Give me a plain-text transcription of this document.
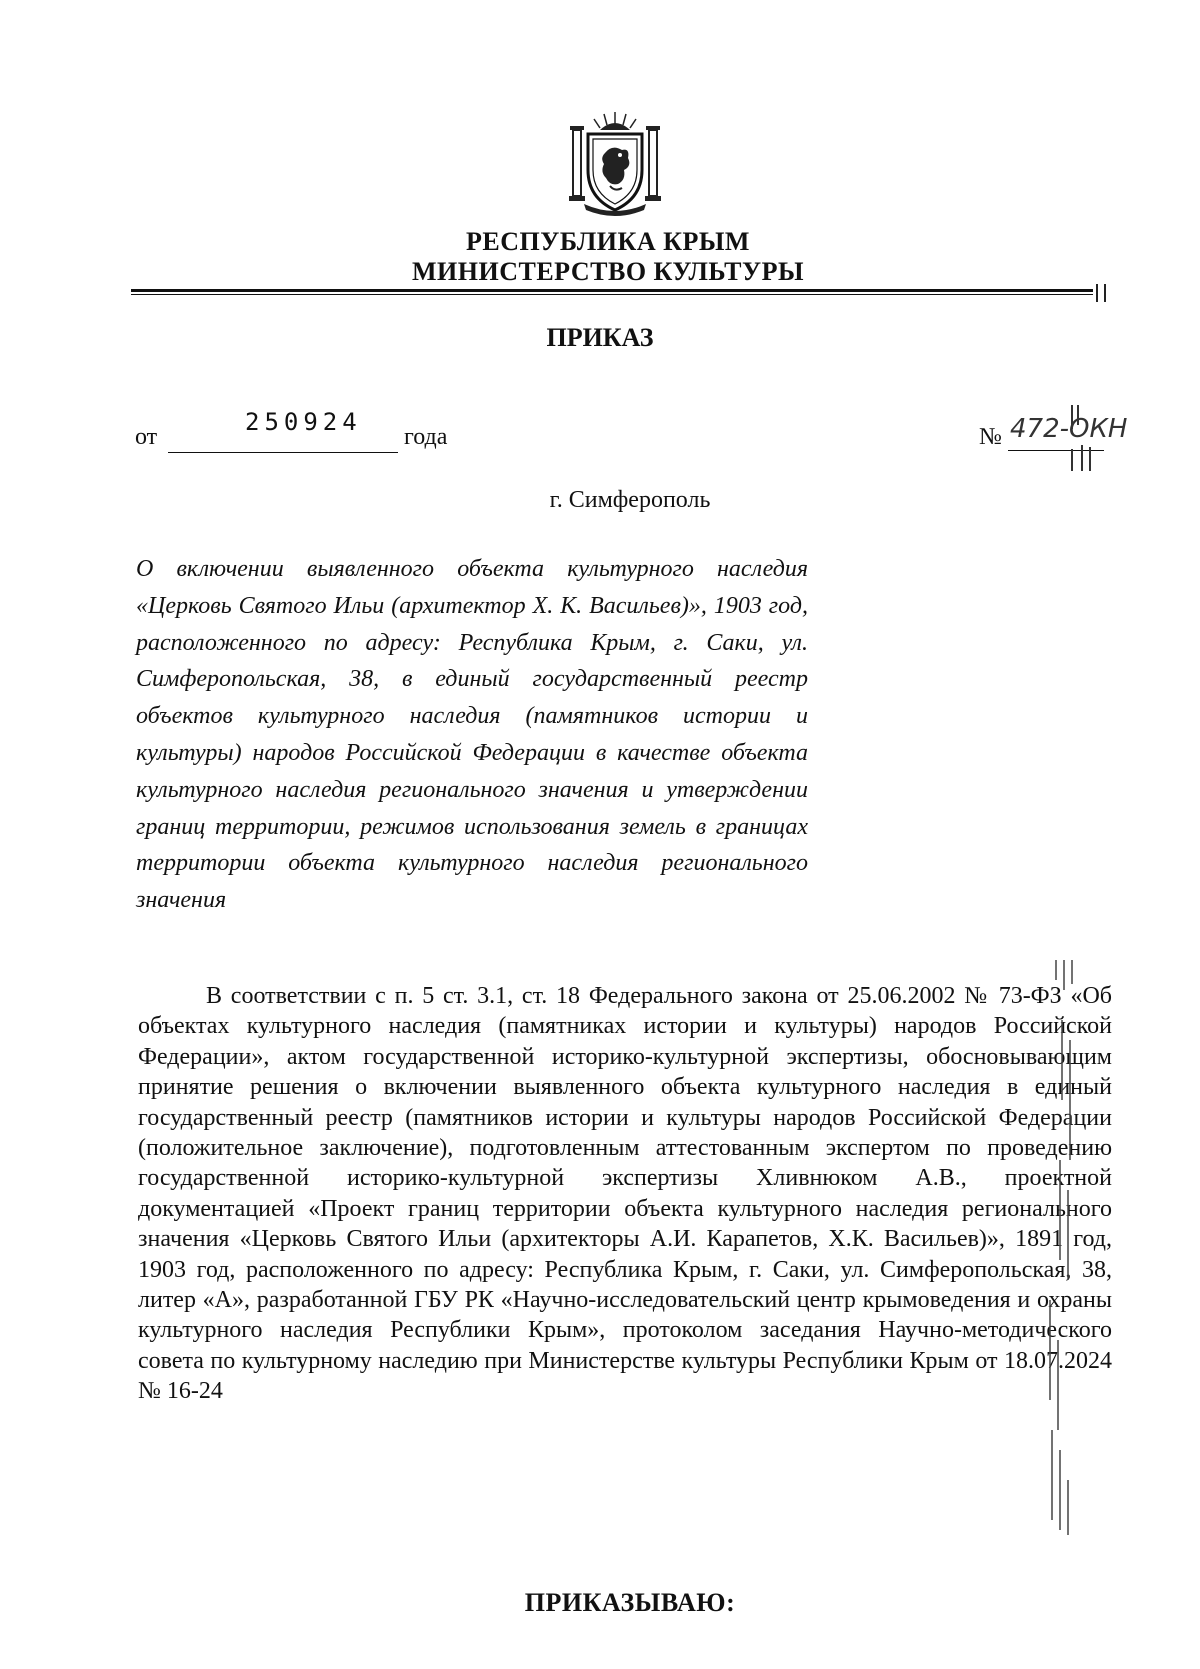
РЕСПУБЛИКА КРЫМ
МИНИСТЕРСТВО КУЛЬТУРЫ
ПРИКАЗ
от
250924
года	№ 472-ОКН
г. Симферополь

О включении выявленного объекта культурного наследия «Церковь Святого Ильи (архитектор Х. К. Васильев)», 1903 год, расположенного по адресу: Республика Крым, г. Саки, ул. Симферопольская, 38, в единый государственный реестр объектов культурного наследия (памятников истории и культуры) народов Российской Федерации в качестве объекта культурного наследия регионального значения и утверждении границ территории, режимов использования земель в границах территории объекта культурного наследия регионального значения

В соответствии с п. 5 ст. 3.1, ст. 18 Федерального закона от 25.06.2002 № 73-ФЗ «Об объектах культурного наследия (памятниках истории и культуры) народов Российской Федерации», актом государственной историко-культурной экспертизы, обосновывающим принятие решения о включении выявленного объекта культурного наследия в единый государственный реестр (памятников истории и культуры народов Российской Федерации (положительное заключение), подготовленным аттестованным экспертом по проведению государственной историко-культурной экспертизы Хливнюком А.В., проектной документацией «Проект границ территории объекта культурного наследия регионального значения «Церковь Святого Ильи (архитекторы А.И. Карапетов, Х.К. Васильев)», 1891 год, 1903 год, расположенного по адресу: Республика Крым, г. Саки, ул. Симферопольская, 38, литер «А», разработанной ГБУ РК «Научно-исследовательский центр крымоведения и охраны культурного наследия Республики Крым», протоколом заседания Научно-методического совета по культурному наследию при Министерстве культуры Республики Крым от 18.07.2024 № 16-24

ПРИКАЗЫВАЮ:
